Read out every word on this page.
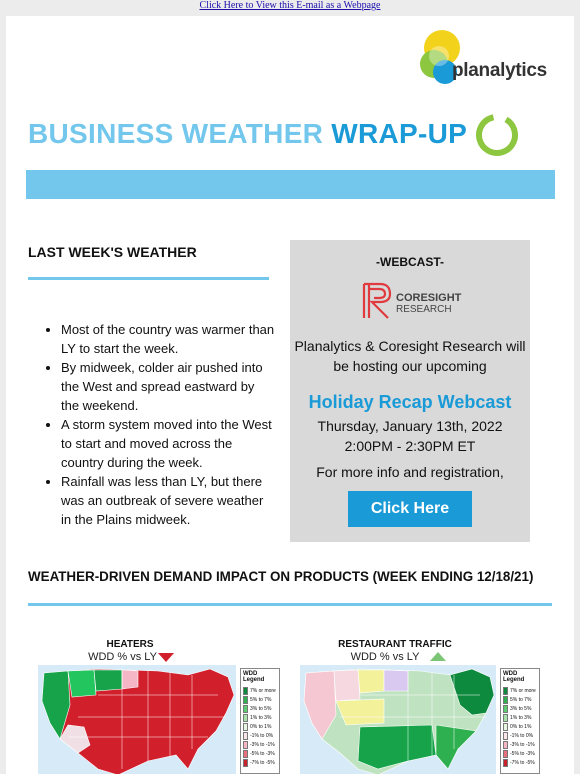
Click Here to View this E-mail as a Webpage
planalytics
BUSINESS WEATHER WRAP-UP
LAST WEEK'S WEATHER
Most of the country was warmer than LY to start the week.
By midweek, colder air pushed into the West and spread eastward by the weekend.
A storm system moved into the West to start and moved across the country during the week.
Rainfall was less than LY, but there was an outbreak of severe weather in the Plains midweek.
-WEBCAST-
CORESIGHT
RESEARCH
Planalytics & Coresight Research will be hosting our upcoming
Holiday Recap Webcast
Thursday, January 13th, 2022
2:00PM - 2:30PM ET
For more info and registration,
Click Here
WEATHER-DRIVEN DEMAND IMPACT ON PRODUCTS (WEEK ENDING 12/18/21)
HEATERS
WDD % vs LY
WDD Legend
7% or more
5% to 7%
3% to 5%
1% to 3%
0% to 1%
-1% to 0%
-3% to -1%
-5% to -3%
-7% to -5%
RESTAURANT TRAFFIC
WDD % vs LY
WDD Legend
7% or more
5% to 7%
3% to 5%
1% to 3%
0% to 1%
-1% to 0%
-3% to -1%
-5% to -3%
-7% to -5%
